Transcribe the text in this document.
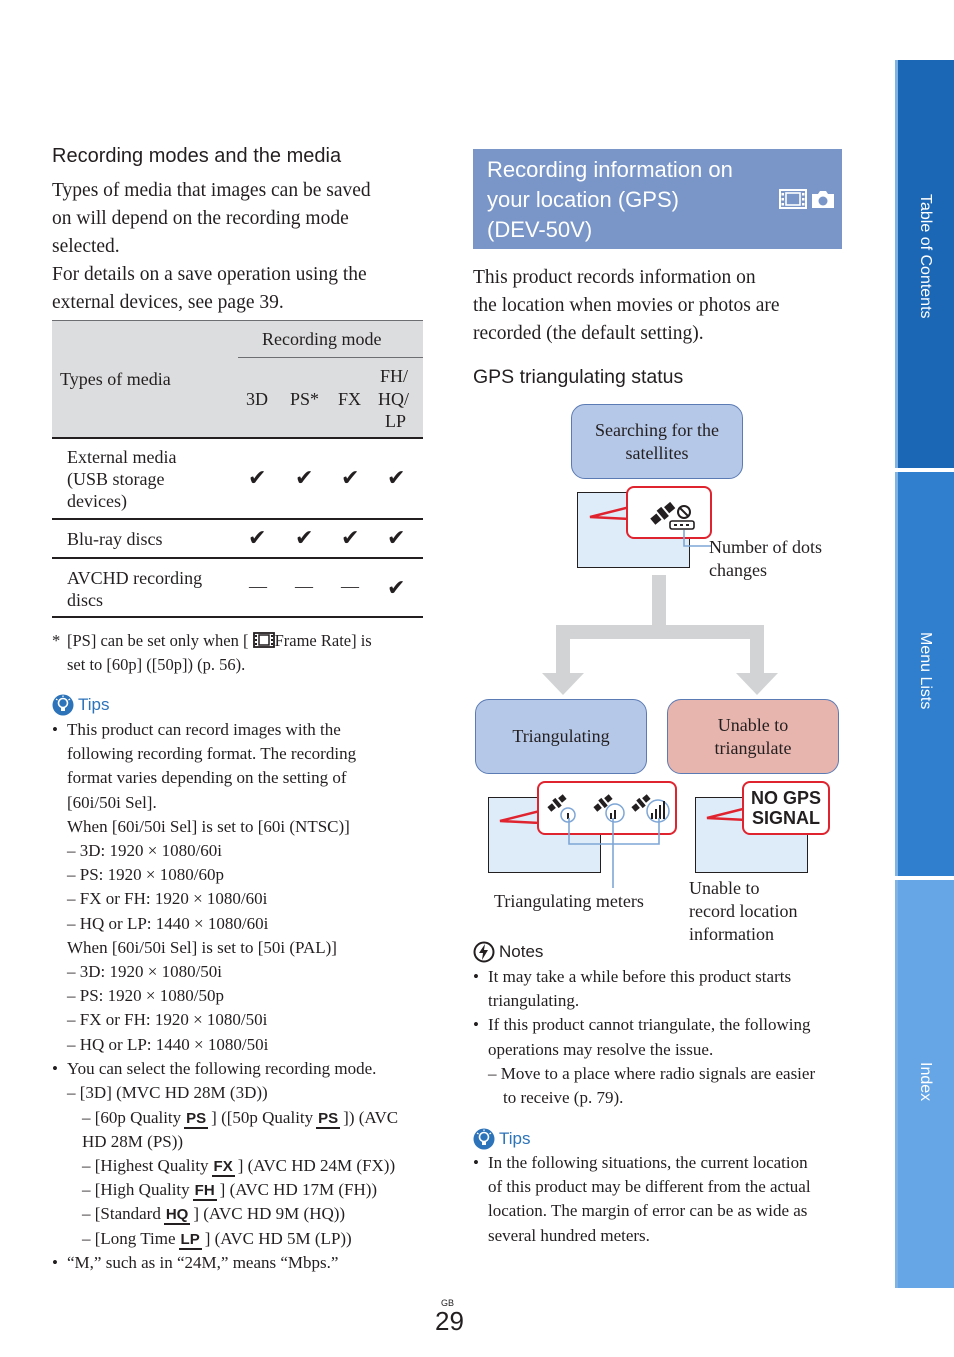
Recording modes and the media
Types of media that images can be saved
on will depend on the recording mode
selected.
For details on a save operation using the
external devices, see page 39.
Types of media
Recording mode
3D PS* FX
FH/
HQ/
LP
External media
(USB storage
devices)
✔ ✔ ✔ ✔
Blu-ray discs	✔ ✔ ✔ ✔
AVCHD recording
discs
— — — ✔
* [PS] can be set only when [ Frame Rate] is
set to [60p] ([50p]) (p. 56).
Tips
• This product can record images with the
following recording format. The recording
format varies depending on the setting of
[60i/50i Sel].
When [60i/50i Sel] is set to [60i (NTSC)]
– 3D: 1920 × 1080/60i
– PS: 1920 × 1080/60p
– FX or FH: 1920 × 1080/60i
– HQ or LP: 1440 × 1080/60i
When [60i/50i Sel] is set to [50i (PAL)]
– 3D: 1920 × 1080/50i
– PS: 1920 × 1080/50p
– FX or FH: 1920 × 1080/50i
– HQ or LP: 1440 × 1080/50i
• You can select the following recording mode.
– [3D] (MVC HD 28M (3D))
– [60p Quality PS ] ([50p Quality PS ]) (AVC
HD 28M (PS))
– [Highest Quality FX ] (AVC HD 24M (FX))
– [High Quality FH ] (AVC HD 17M (FH))
– [Standard HQ ] (AVC HD 9M (HQ))
– [Long Time LP ] (AVC HD 5M (LP))
• “M,” such as in “24M,” means “Mbps.”
Recording information on
your location (GPS)
(DEV-50V)
This product records information on
the location when movies or photos are
recorded (the default setting).
GPS triangulating status
Searching for the
satellites
Number of dots
changes
Triangulating
Unable to
triangulate
Triangulating meters
NO GPS
SIGNAL
Unable to
record location
information
Notes
• It may take a while before this product starts
triangulating.
• If this product cannot triangulate, the following
operations may resolve the issue.
– Move to a place where radio signals are easier
to receive (p. 79).
Tips
• In the following situations, the current location
of this product may be different from the actual
location. The margin of error can be as wide as
several hundred meters.
Table of Contents
Menu Lists
Index
GB
29
